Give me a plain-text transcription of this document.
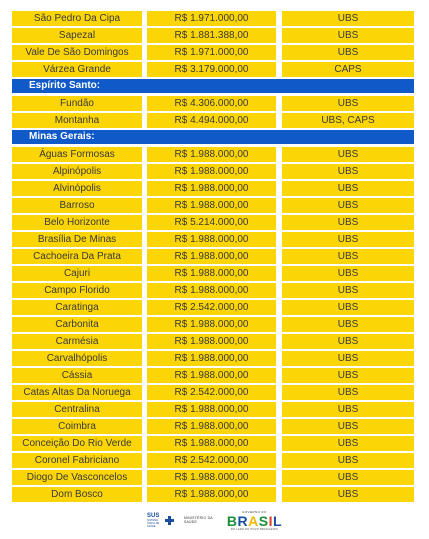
São Pedro Da Cipa	R$ 1.971.000,00	UBS
Sapezal	R$ 1.881.388,00	UBS
Vale De São Domingos	R$ 1.971.000,00	UBS
Várzea Grande	R$ 3.179.000,00	CAPS
Espírito Santo:
Fundão	R$ 4.306.000,00	UBS
Montanha	R$ 4.494.000,00	UBS, CAPS
Minas Gerais:
Águas Formosas	R$ 1.988.000,00	UBS
Alpinópolis	R$ 1.988.000,00	UBS
Alvinópolis	R$ 1.988.000,00	UBS
Barroso	R$ 1.988.000,00	UBS
Belo Horizonte	R$ 5.214.000,00	UBS
Brasília De Minas	R$ 1.988.000,00	UBS
Cachoeira Da Prata	R$ 1.988.000,00	UBS
Cajuri	R$ 1.988.000,00	UBS
Campo Florido	R$ 1.988.000,00	UBS
Caratinga	R$ 2.542.000,00	UBS
Carbonita	R$ 1.988.000,00	UBS
Carmésia	R$ 1.988.000,00	UBS
Carvalhópolis	R$ 1.988.000,00	UBS
Cássia	R$ 1.988.000,00	UBS
Catas Altas Da Noruega	R$ 2.542.000,00	UBS
Centralina	R$ 1.988.000,00	UBS
Coimbra	R$ 1.988.000,00	UBS
Conceição Do Rio Verde	R$ 1.988.000,00	UBS
Coronel Fabriciano	R$ 2.542.000,00	UBS
Diogo De Vasconcelos	R$ 1.988.000,00	UBS
Dom Bosco	R$ 1.988.000,00	UBS
SUS
SISTEMA ÚNICO DE SAÚDE
MINISTÉRIO DA
SAÚDE
GOVERNO DO
B R A S I L
DO LADO DO POVO BRASILEIRO
